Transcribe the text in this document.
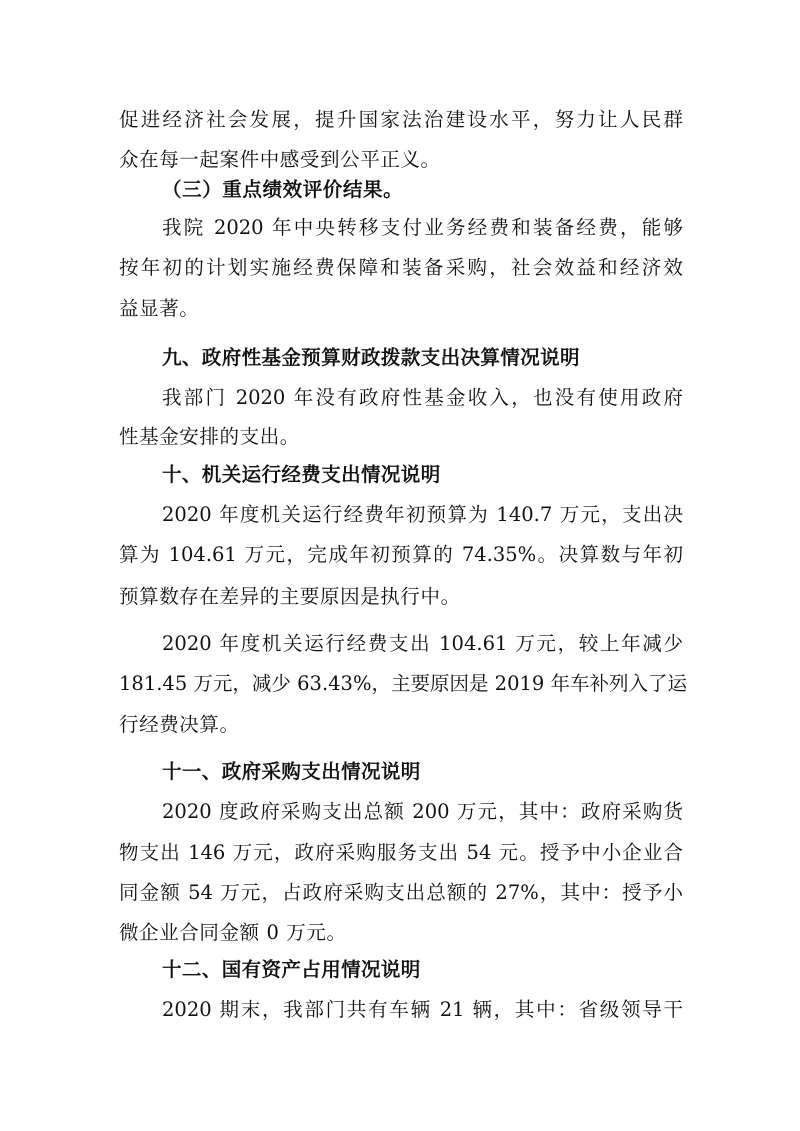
促进经济社会发展，提升国家法治建设水平，努力让人民群

众在每一起案件中感受到公平正义。

（三）重点绩效评价结果。

我院 2020 年中央转移支付业务经费和装备经费，能够

按年初的计划实施经费保障和装备采购，社会效益和经济效

益显著。

九、政府性基金预算财政拨款支出决算情况说明

我部门 2020 年没有政府性基金收入，也没有使用政府

性基金安排的支出。

十、机关运行经费支出情况说明

2020 年度机关运行经费年初预算为 140.7 万元，支出决

算为 104.61 万元，完成年初预算的 74.35%。决算数与年初

预算数存在差异的主要原因是执行中。

2020 年度机关运行经费支出 104.61 万元，较上年减少

181.45 万元，减少 63.43%，主要原因是 2019 年车补列入了运

行经费决算。

十一、政府采购支出情况说明

2020 度政府采购支出总额 200 万元，其中：政府采购货

物支出 146 万元，政府采购服务支出 54 元。授予中小企业合

同金额 54 万元，占政府采购支出总额的 27%，其中：授予小

微企业合同金额 0 万元。

十二、国有资产占用情况说明

2020 期末，我部门共有车辆 21 辆，其中：省级领导干
